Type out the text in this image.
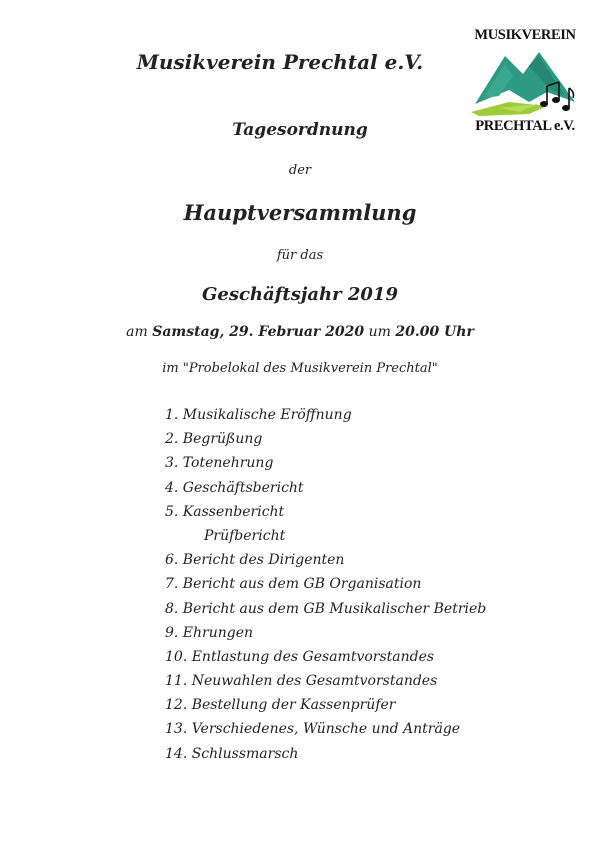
Musikverein Prechtal e.V.
MUSIKVEREIN
PRECHTAL e.V.
Tagesordnung
der
Hauptversammlung
für das
Geschäftsjahr 2019
am Samstag, 29. Februar 2020 um 20.00 Uhr
im "Probelokal des Musikverein Prechtal"
1. Musikalische Eröffnung
2. Begrüßung
3. Totenehrung
4. Geschäftsbericht
5. Kassenbericht
Prüfbericht
6. Bericht des Dirigenten
7. Bericht aus dem GB Organisation
8. Bericht aus dem GB Musikalischer Betrieb
9. Ehrungen
10. Entlastung des Gesamtvorstandes
11. Neuwahlen des Gesamtvorstandes
12. Bestellung der Kassenprüfer
13. Verschiedenes, Wünsche und Anträge
14. Schlussmarsch
